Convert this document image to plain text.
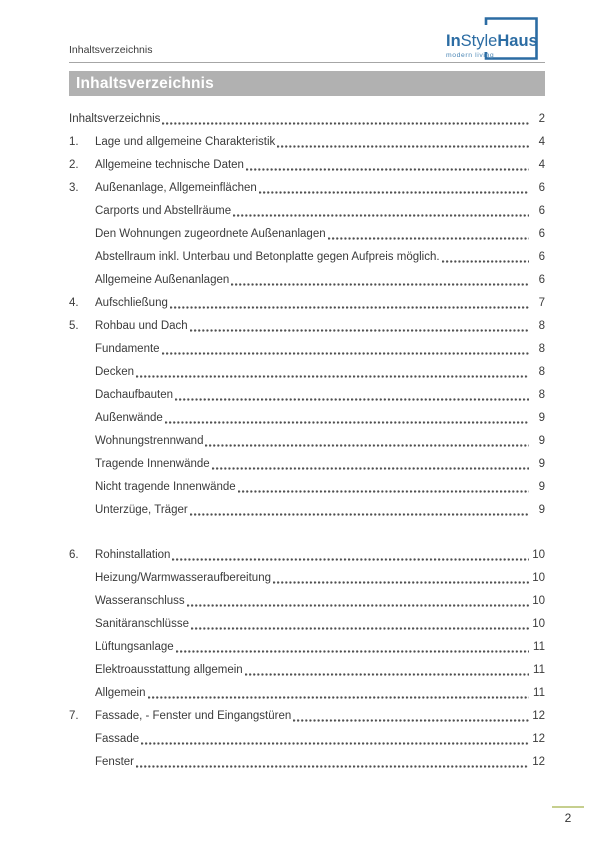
Inhaltsverzeichnis	InStyleHaus
modern living
Inhaltsverzeichnis
Inhaltsverzeichnis	2
1.	Lage und allgemeine Charakteristik	4
2.	Allgemeine technische Daten	4
3.	Außenanlage, Allgemeinflächen	6
Carports und Abstellräume	6
Den Wohnungen zugeordnete Außenanlagen	6
Abstellraum inkl. Unterbau und Betonplatte gegen Aufpreis möglich.	6
Allgemeine Außenanlagen	6
4.	Aufschließung	7
5.	Rohbau und Dach	8
Fundamente	8
Decken	8
Dachaufbauten	8
Außenwände	9
Wohnungstrennwand	9
Tragende Innenwände	9
Nicht tragende Innenwände	9
Unterzüge, Träger	9
6.	Rohinstallation	10
Heizung/Warmwasseraufbereitung	10
Wasseranschluss	10
Sanitäranschlüsse	10
Lüftungsanlage	11
Elektroausstattung allgemein	11
Allgemein	11
7.	Fassade, - Fenster und Eingangstüren	12
Fassade	12
Fenster	12
2
